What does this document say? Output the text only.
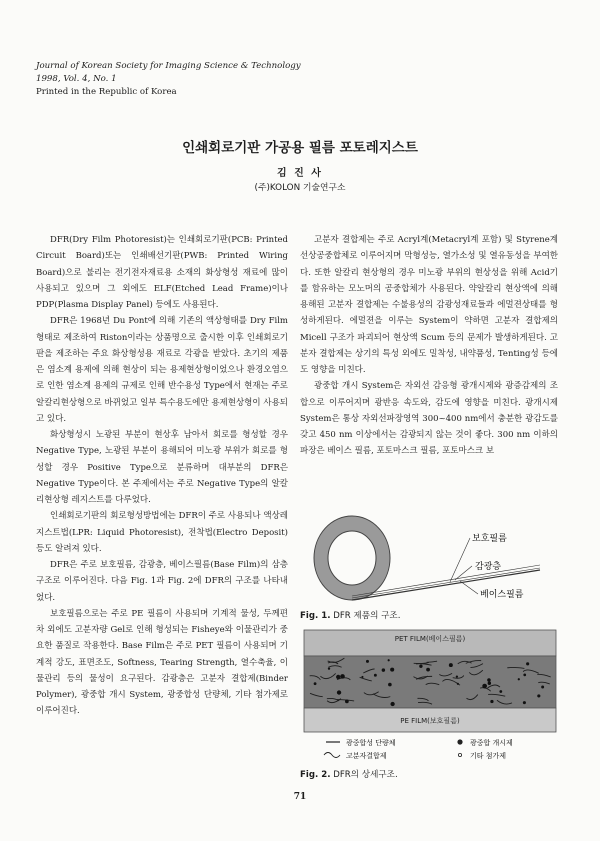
Journal of Korean Society for Imaging Science & Technology
1998, Vol. 4, No. 1
Printed in the Republic of Korea
인쇄회로기판 가공용 필름 포토레지스트
김 진 사
(주)KOLON 기술연구소

DFR(Dry Film Photoresist)는 인쇄회로기판(PCB: Printed Circuit Board)또는 인쇄배선기판(PWB: Printed Wiring Board)으로 불리는 전기전자재료용 소재의 화상형성 재료에 많이 사용되고 있으며 그 외에도 ELF(Etched Lead Frame)이나 PDP(Plasma Display Panel) 등에도 사용된다.

DFR은 1968년 Du Pont에 의해 기존의 액상형태를 Dry Film 형태로 제조하여 Riston이라는 상품명으로 출시한 이후 인쇄회로기판을 제조하는 주요 화상형성용 재료로 각광을 받았다. 초기의 제품은 염소계 용제에 의해 현상이 되는 용제현상형이었으나 환경오염으로 인한 염소계 용제의 규제로 인해 반수용성 Type에서 현재는 주로 알칼리현상형으로 바뀌었고 일부 특수용도에만 용제현상형이 사용되고 있다.

화상형성시 노광된 부분이 현상후 남아서 회로를 형성할 경우 Negative Type, 노광된 부분이 용해되어 미노광 부위가 회로를 형성할 경우 Positive Type으로 분류하며 대부분의 DFR은 Negative Type이다. 본 주제에서는 주로 Negative Type의 알칼리현상형 레지스트를 다루었다.

인쇄회로기판의 회로형성방법에는 DFR이 주로 사용되나 액상레지스트법(LPR: Liquid Photoresist), 전착법(Electro Deposit) 등도 알려져 있다.

DFR은 주로 보호필름, 감광층, 베이스필름(Base Film)의 삼층구조로 이루어진다. 다음 Fig. 1과 Fig. 2에 DFR의 구조를 나타내었다.

보호필름으로는 주로 PE 필름이 사용되며 기계적 물성, 두께편차 외에도 고분자량 Gel로 인해 형성되는 Fisheye와 이물관리가 중요한 품질로 작용한다. Base Film은 주로 PET 필름이 사용되며 기계적 강도, 표면조도, Softness, Tearing Strength, 열수축율, 이물관리 등의 물성이 요구된다. 감광층은 고분자 결합제(Binder Polymer), 광중합 개시 System, 광중합성 단량체, 기타 첨가제로 이루어진다.

고분자 결합제는 주로 Acryl계(Metacryl계 포함) 및 Styrene계 선상공중합체로 이루어지며 막형성능, 열가소성 및 열유동성을 부여한다. 또한 알칼리 현상형의 경우 미노광 부위의 현상성을 위해 Acid기를 함유하는 모노머의 공중합체가 사용된다. 약알칼리 현상액에 의해 용해된 고분자 결합제는 수불용성의 감광성재료들과 에멀젼상태를 형성하게된다. 에멀젼을 이루는 System이 약하면 고분자 결합제의 Micell 구조가 파괴되어 현상액 Scum 등의 문제가 발생하게된다. 고분자 결합제는 상기의 특성 외에도 밀착성, 내약품성, Tenting성 등에도 영향을 미친다.

광중합 개시 System은 자외선 감응형 광개시제와 광증감제의 조합으로 이루어지며 광반응 속도와, 감도에 영향을 미친다. 광개시제 System은 통상 자외선파장영역 300~400 nm에서 충분한 광감도를 갖고 450 nm 이상에서는 감광되지 않는 것이 좋다. 300 nm 이하의 파장은 베이스 필름, 포토마스크 필름, 포토마스크 보

보호필름
감광층
베이스필름
Fig. 1. DFR 제품의 구조.
PET FILM(베이스필름)
PE FILM(보호필름)
광중합성 단량체	광중합 개시제
고분자결합제	기타 첨가제
Fig. 2. DFR의 상세구조.
71
